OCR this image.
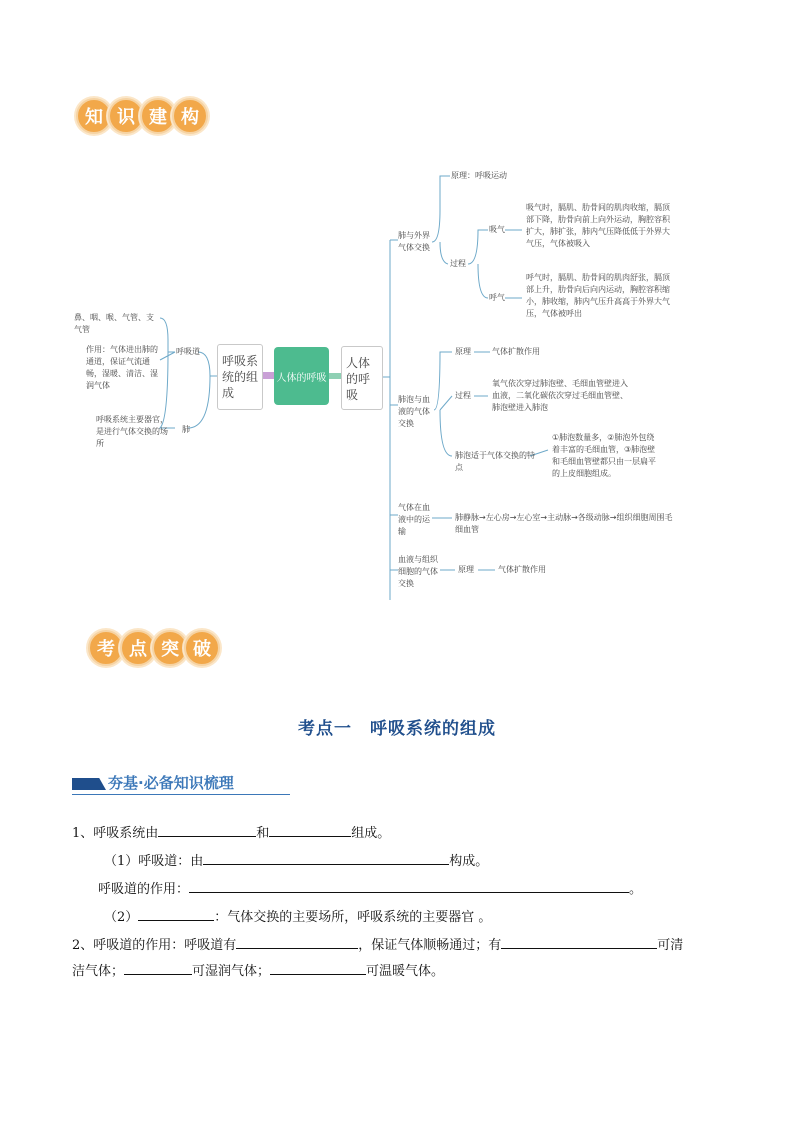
知 识 建 构
鼻、咽、喉、气管、支气管
作用：气体进出肺的通道，保证气流通畅，湿暖、清洁、湿润气体
呼吸道
呼吸系统主要器官，是进行气体交换的场所
肺
呼吸系统的组成
人体的呼吸
人体的呼吸
肺与外界气体交换
原理：呼吸运动
过程
吸气
吸气时，膈肌、肋骨间的肌肉收缩，膈顶部下降，肋骨向前上向外运动，胸腔容积扩大，肺扩张，肺内气压降低低于外界大气压，气体被吸入
呼气
呼气时，膈肌、肋骨间的肌肉舒张，膈顶部上升，肋骨向后向内运动，胸腔容积缩小，肺收缩，肺内气压升高高于外界大气压，气体被呼出
肺泡与血液的气体交换
原理	气体扩散作用
过程
氧气依次穿过肺泡壁、毛细血管壁进入血液，二氧化碳依次穿过毛细血管壁、肺泡壁进入肺泡
肺泡适于气体交换的特点
①肺泡数量多，②肺泡外包绕着丰富的毛细血管，③肺泡壁和毛细血管壁都只由一层扁平的上皮细胞组成。
气体在血液中的运输
肺静脉→左心房→左心室→主动脉→各级动脉→组织细胞周围毛细血管
血液与组织细胞的气体交换
原理	气体扩散作用
考 点 突 破
考点一　呼吸系统的组成
夯基·必备知识梳理
1、呼吸系统由	和	组成。
（1）呼吸道：由	构成。
呼吸道的作用：	。
（2）	：气体交换的主要场所，呼吸系统的主要器官 。
2、呼吸道的作用：呼吸道有	，保证气体顺畅通过；有	可清
洁气体；	可湿润气体；	可温暖气体。
